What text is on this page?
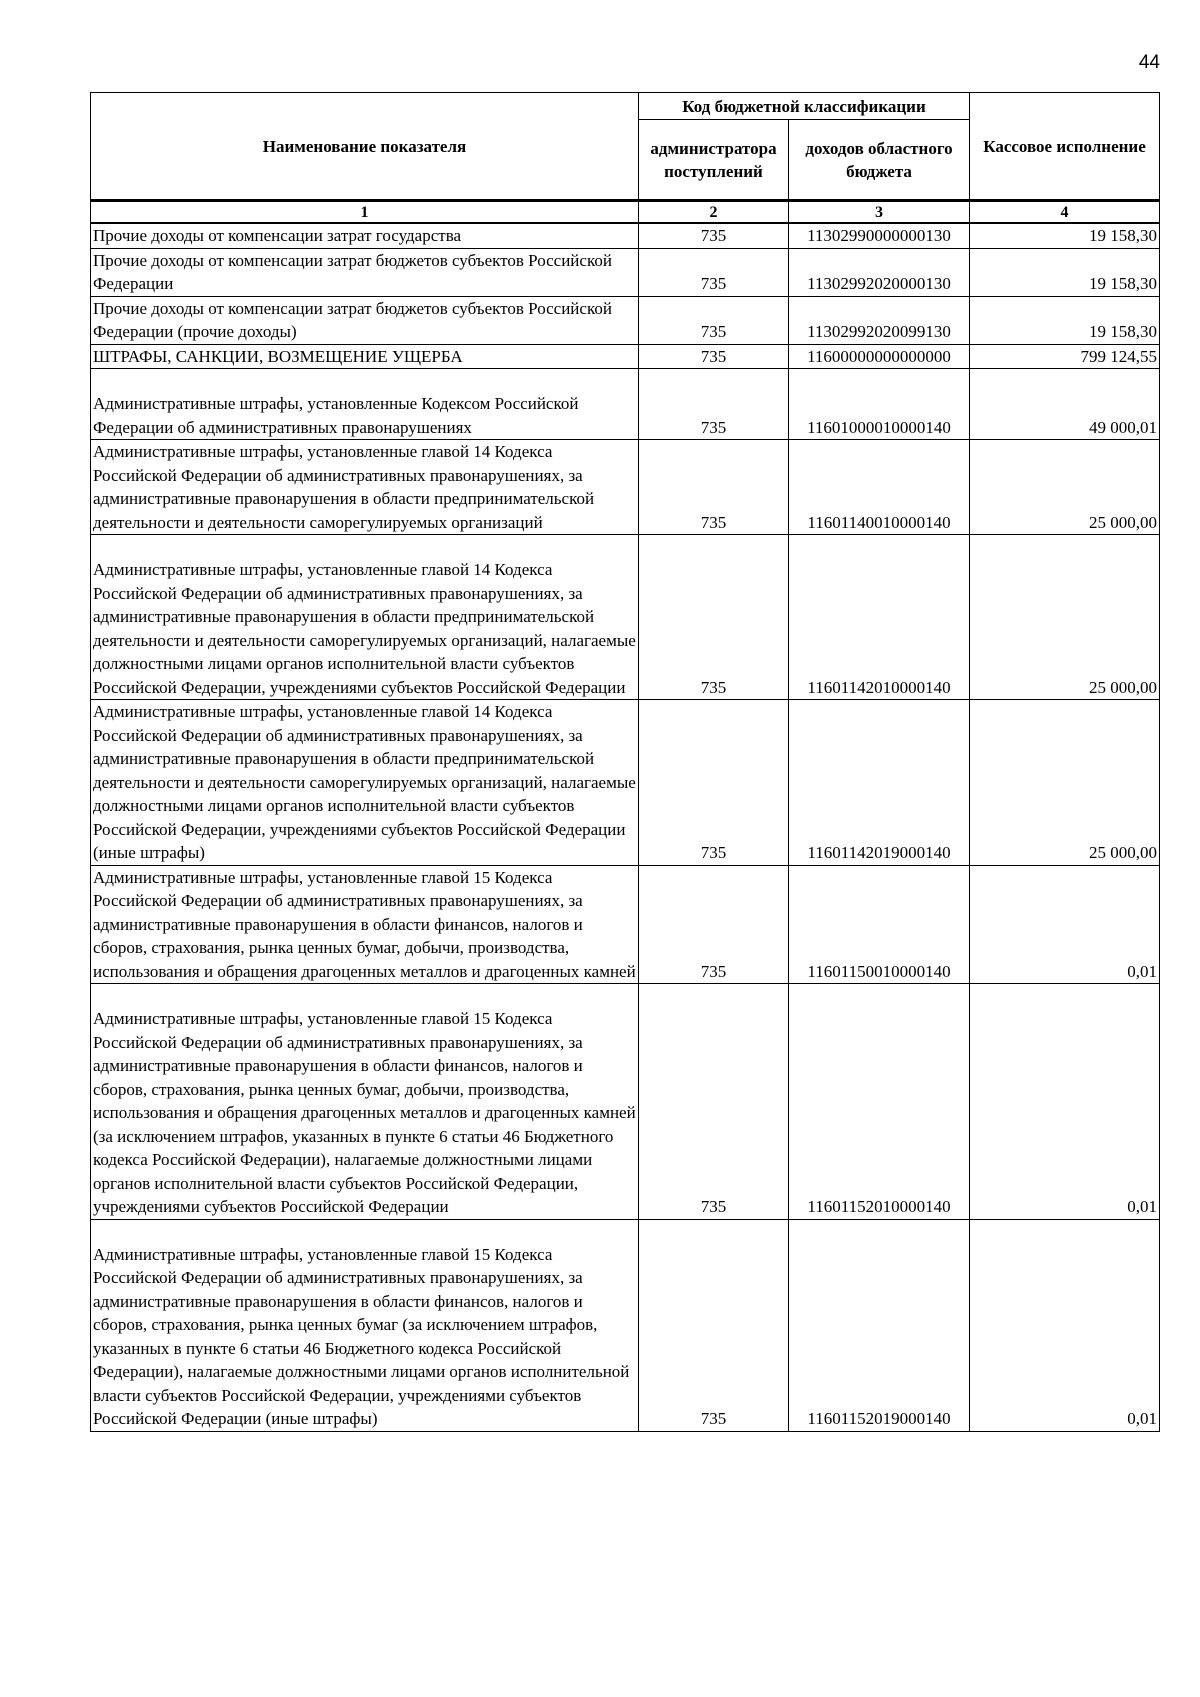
44
Наименование показателя	Код бюджетной классификации		Кассовое исполнение
	администратора поступлений	доходов областного бюджета	
1	2	3	4
Прочие доходы от компенсации затрат государства	735	11302990000000130	19 158,30
Прочие доходы от компенсации затрат бюджетов субъектов Российской Федерации	735	11302992020000130	19 158,30
Прочие доходы от компенсации затрат бюджетов субъектов Российской Федерации (прочие доходы)	735	11302992020099130	19 158,30
ШТРАФЫ, САНКЦИИ, ВОЗМЕЩЕНИЕ УЩЕРБА	735	11600000000000000	799 124,55
Административные штрафы, установленные Кодексом Российской Федерации об административных правонарушениях	735	11601000010000140	49 000,01
Административные штрафы, установленные главой 14 Кодекса Российской Федерации об административных правонарушениях, за административные правонарушения в области предпринимательской деятельности и деятельности саморегулируемых организаций	735	11601140010000140	25 000,00
Административные штрафы, установленные главой 14 Кодекса Российской Федерации об административных правонарушениях, за административные правонарушения в области предпринимательской деятельности и деятельности саморегулируемых организаций, налагаемые должностными лицами органов исполнительной власти субъектов Российской Федерации, учреждениями субъектов Российской Федерации	735	11601142010000140	25 000,00
Административные штрафы, установленные главой 14 Кодекса Российской Федерации об административных правонарушениях, за административные правонарушения в области предпринимательской деятельности и деятельности саморегулируемых организаций, налагаемые должностными лицами органов исполнительной власти субъектов Российской Федерации, учреждениями субъектов Российской Федерации (иные штрафы)	735	11601142019000140	25 000,00
Административные штрафы, установленные главой 15 Кодекса Российской Федерации об административных правонарушениях, за административные правонарушения в области финансов, налогов и сборов, страхования, рынка ценных бумаг, добычи, производства, использования и обращения драгоценных металлов и драгоценных камней	735	11601150010000140	0,01
Административные штрафы, установленные главой 15 Кодекса Российской Федерации об административных правонарушениях, за административные правонарушения в области финансов, налогов и сборов, страхования, рынка ценных бумаг, добычи, производства, использования и обращения драгоценных металлов и драгоценных камней (за исключением штрафов, указанных в пункте 6 статьи 46 Бюджетного кодекса Российской Федерации), налагаемые должностными лицами органов исполнительной власти субъектов Российской Федерации, учреждениями субъектов Российской Федерации	735	11601152010000140	0,01
Административные штрафы, установленные главой 15 Кодекса Российской Федерации об административных правонарушениях, за административные правонарушения в области финансов, налогов и сборов, страхования, рынка ценных бумаг (за исключением штрафов, указанных в пункте 6 статьи 46 Бюджетного кодекса Российской Федерации), налагаемые должностными лицами органов исполнительной власти субъектов Российской Федерации, учреждениями субъектов Российской Федерации (иные штрафы)	735	11601152019000140	0,01
